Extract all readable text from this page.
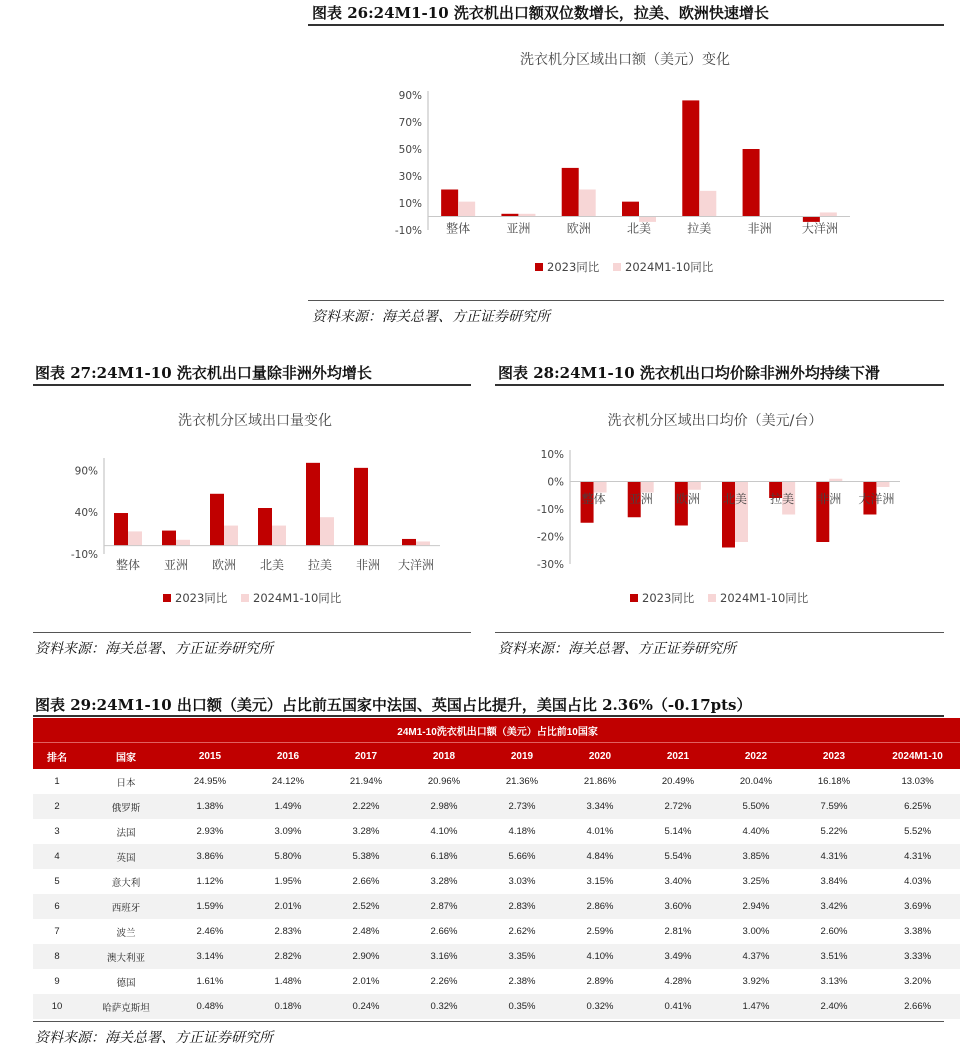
图表 26:24M1-10 洗衣机出口额双位数增长，拉美、欧洲快速增长
洗衣机分区域出口额（美元）变化
90%
70%
50%
30%
10%
-10% 整体	亚洲	欧洲	北美	拉美	非洲	大洋洲
2023同比 2024M1-10同比
资料来源：海关总署、方正证券研究所
图表 27:24M1-10 洗衣机出口量除非洲外均增长
洗衣机分区域出口量变化
90%
40%
-10%
整体 亚洲 欧洲 北美 拉美 非洲 大洋洲
2023同比 2024M1-10同比
资料来源：海关总署、方正证券研究所
图表 28:24M1-10 洗衣机出口均价除非洲外均持续下滑
洗衣机分区域出口均价（美元/台）
10%
0%
-10%
-20%
-30%
整体 亚洲 欧洲 北美 拉美 非洲 大洋洲
2023同比 2024M1-10同比
资料来源：海关总署、方正证券研究所
图表 29:24M1-10 出口额（美元）占比前五国家中法国、英国占比提升，美国占比 2.36%（-0.17pts）
24M1-10洗衣机出口额（美元）占比前10国家											
排名	国家	2015	2016	2017	2018	2019	2020	2021	2022	2023	2024M1-10
1	日本	24.95%	24.12%	21.94%	20.96%	21.36%	21.86%	20.49%	20.04%	16.18%	13.03%
2	俄罗斯	1.38%	1.49%	2.22%	2.98%	2.73%	3.34%	2.72%	5.50%	7.59%	6.25%
3	法国	2.93%	3.09%	3.28%	4.10%	4.18%	4.01%	5.14%	4.40%	5.22%	5.52%
4	英国	3.86%	5.80%	5.38%	6.18%	5.66%	4.84%	5.54%	3.85%	4.31%	4.31%
5	意大利	1.12%	1.95%	2.66%	3.28%	3.03%	3.15%	3.40%	3.25%	3.84%	4.03%
6	西班牙	1.59%	2.01%	2.52%	2.87%	2.83%	2.86%	3.60%	2.94%	3.42%	3.69%
7	波兰	2.46%	2.83%	2.48%	2.66%	2.62%	2.59%	2.81%	3.00%	2.60%	3.38%
8	澳大利亚	3.14%	2.82%	2.90%	3.16%	3.35%	4.10%	3.49%	4.37%	3.51%	3.33%
9	德国	1.61%	1.48%	2.01%	2.26%	2.38%	2.89%	4.28%	3.92%	3.13%	3.20%
10	哈萨克斯坦	0.48%	0.18%	0.24%	0.32%	0.35%	0.32%	0.41%	1.47%	2.40%	2.66%
资料来源：海关总署、方正证券研究所
